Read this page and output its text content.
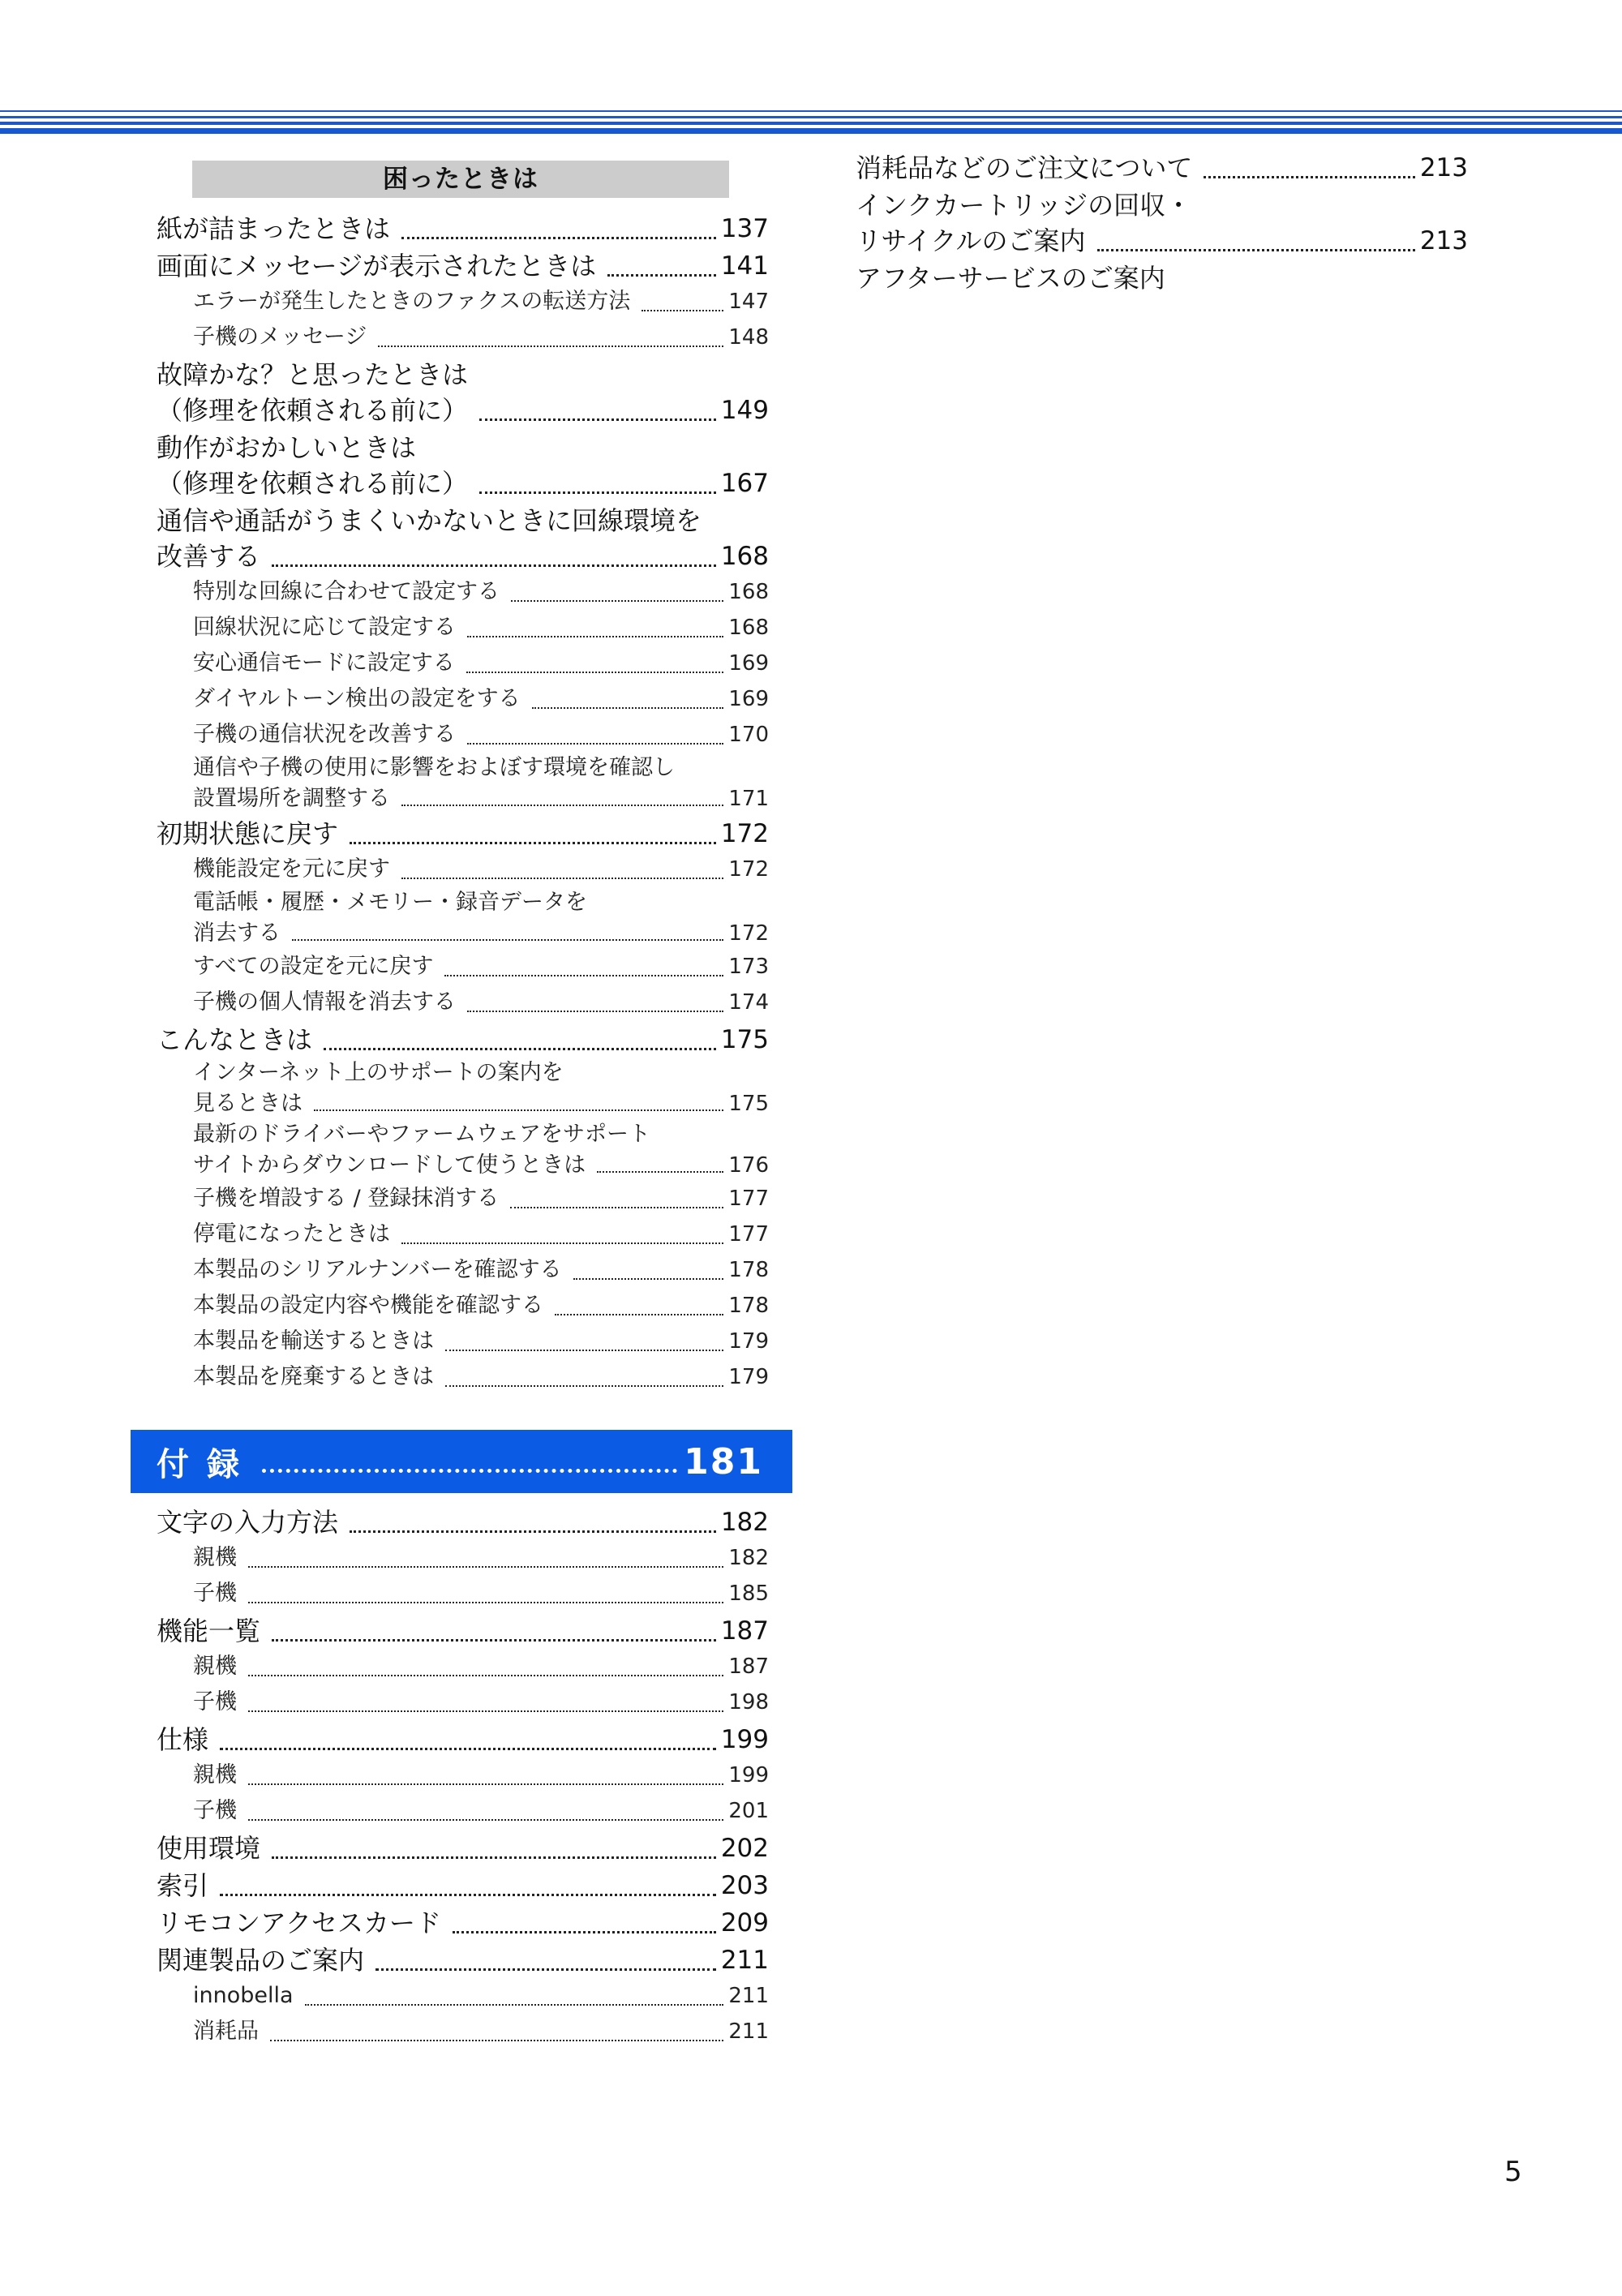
困ったときは
紙が詰まったときは	137
画面にメッセージが表示されたときは	141
エラーが発生したときのファクスの転送方法	147
子機のメッセージ	148
故障かな？と思ったときは
（修理を依頼される前に）	149
動作がおかしいときは
（修理を依頼される前に）	167
通信や通話がうまくいかないときに回線環境を
改善する	168
特別な回線に合わせて設定する	168
回線状況に応じて設定する	168
安心通信モードに設定する	169
ダイヤルトーン検出の設定をする	169
子機の通信状況を改善する	170
通信や子機の使用に影響をおよぼす環境を確認し
設置場所を調整する	171
初期状態に戻す	172
機能設定を元に戻す	172
電話帳・履歴・メモリー・録音データを
消去する	172
すべての設定を元に戻す	173
子機の個人情報を消去する	174
こんなときは	175
インターネット上のサポートの案内を
見るときは	175
最新のドライバーやファームウェアをサポート
サイトからダウンロードして使うときは	176
子機を増設する / 登録抹消する	177
停電になったときは	177
本製品のシリアルナンバーを確認する	178
本製品の設定内容や機能を確認する	178
本製品を輸送するときは	179
本製品を廃棄するときは	179
付録	181
文字の入力方法	182
親機	182
子機	185
機能一覧	187
親機	187
子機	198
仕様	199
親機	199
子機	201
使用環境	202
索引	203
リモコンアクセスカード	209
関連製品のご案内	211
innobella	211
消耗品	211
消耗品などのご注文について	213
インクカートリッジの回収・
リサイクルのご案内	213
アフターサービスのご案内
5
